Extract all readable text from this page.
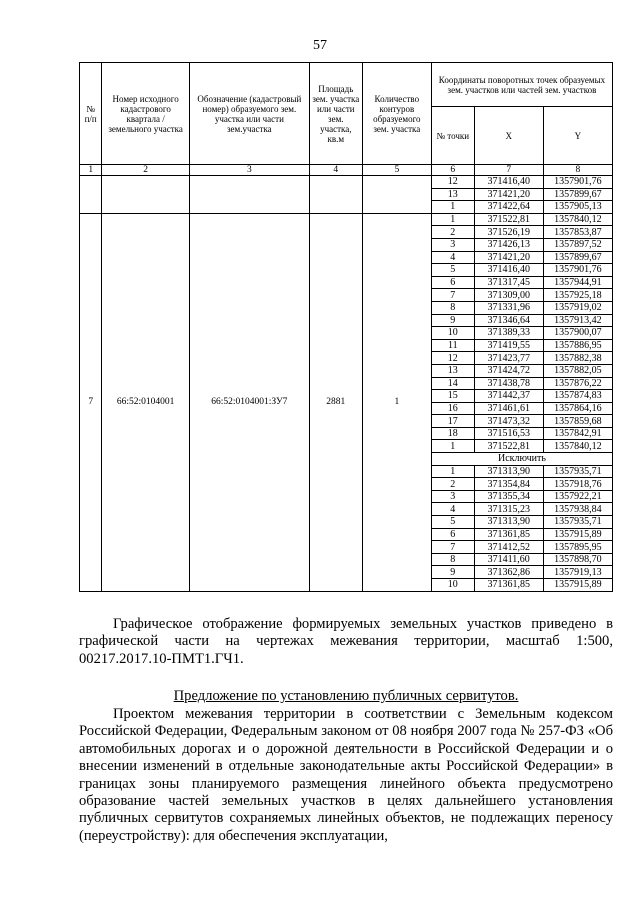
57
№ п/п	Номер исходного кадастрового квартала / земельного участка	Обозначение (кадастровый номер) образуемого зем. участка или части зем.участка	Площадь зем. участка или части зем. участка, кв.м	Количество контуров образуемого зем. участка	Координаты поворотных точек образуемых зем. участков или частей зем. участков		
					№ точки	X	Y
1	2	3	4	5	6	7	8
					12	371416,40	1357901,76
					13	371421,20	1357899,67
					1	371422,64	1357905,13
7	66:52:0104001	66:52:0104001:ЗУ7	2881	1	1	371522,81	1357840,12
					2	371526,19	1357853,87
					3	371426,13	1357897,52
					4	371421,20	1357899,67
					5	371416,40	1357901,76
					6	371317,45	1357944,91
					7	371309,00	1357925,18
					8	371331,96	1357919,02
					9	371346,64	1357913,42
					10	371389,33	1357900,07
					11	371419,55	1357886,95
					12	371423,77	1357882,38
					13	371424,72	1357882,05
					14	371438,78	1357876,22
					15	371442,37	1357874,83
					16	371461,61	1357864,16
					17	371473,32	1357859,68
					18	371516,53	1357842,91
					1	371522,81	1357840,12
					Исключить		
					1	371313,90	1357935,71
					2	371354,84	1357918,76
					3	371355,34	1357922,21
					4	371315,23	1357938,84
					5	371313,90	1357935,71
					6	371361,85	1357915,89
					7	371412,52	1357895,95
					8	371411,60	1357898,70
					9	371362,86	1357919,13
					10	371361,85	1357915,89
Графическое отображение формируемых земельных участков приведено в графической части на чертежах межевания территории, масштаб 1:500, 00217.2017.10-ПМТ1.ГЧ1.
Предложение по установлению публичных сервитутов.
Проектом межевания территории в соответствии с Земельным кодексом Российской Федерации, Федеральным законом от 08 ноября 2007 года № 257-ФЗ «Об автомобильных дорогах и о дорожной деятельности в Российской Федерации и о внесении изменений в отдельные законодательные акты Российской Федерации» в границах зоны планируемого размещения линейного объекта предусмотрено образование частей земельных участков в целях дальнейшего установления публичных сервитутов сохраняемых линейных объектов, не подлежащих переносу (переустройству): для обеспечения эксплуатации,
